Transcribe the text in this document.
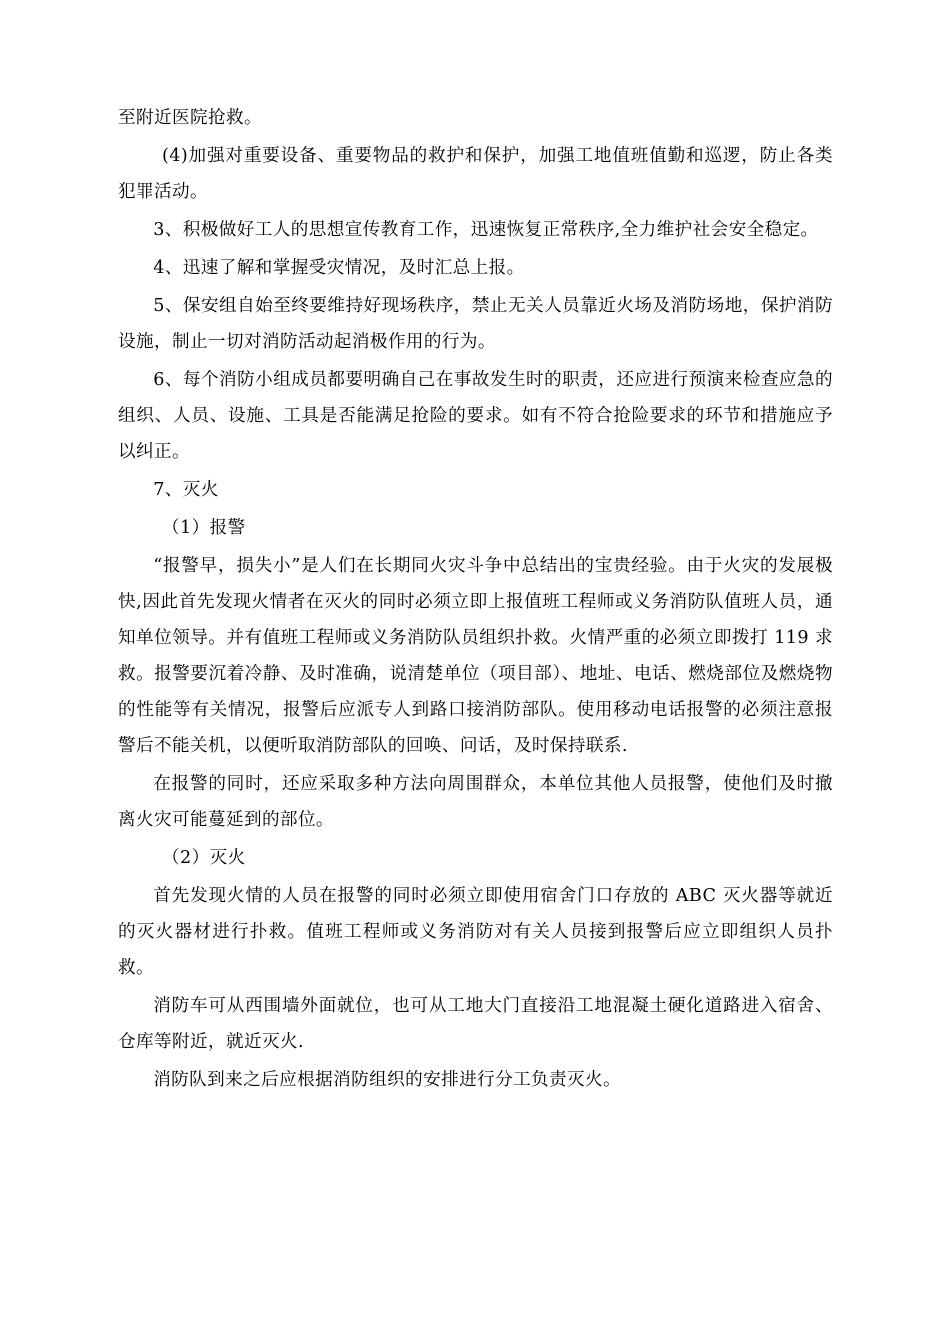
至附近医院抢救。

(4)加强对重要设备、重要物品的救护和保护，加强工地值班值勤和巡逻，防止各类犯罪活动。

3、积极做好工人的思想宣传教育工作，迅速恢复正常秩序,全力维护社会安全稳定。

4、迅速了解和掌握受灾情况，及时汇总上报。

5、保安组自始至终要维持好现场秩序，禁止无关人员靠近火场及消防场地，保护消防设施，制止一切对消防活动起消极作用的行为。

6、每个消防小组成员都要明确自己在事故发生时的职责，还应进行预演来检查应急的组织、人员、设施、工具是否能满足抢险的要求。如有不符合抢险要求的环节和措施应予以纠正。

7、灭火

（1）报警

“报警早，损失小”是人们在长期同火灾斗争中总结出的宝贵经验。由于火灾的发展极快,因此首先发现火情者在灭火的同时必须立即上报值班工程师或义务消防队值班人员，通知单位领导。并有值班工程师或义务消防队员组织扑救。火情严重的必须立即拨打 119 求救。报警要沉着冷静、及时准确，说清楚单位（项目部）、地址、电话、燃烧部位及燃烧物的性能等有关情况，报警后应派专人到路口接消防部队。使用移动电话报警的必须注意报警后不能关机，以便听取消防部队的回唤、问话，及时保持联系.

在报警的同时，还应采取多种方法向周围群众，本单位其他人员报警，使他们及时撤离火灾可能蔓延到的部位。

（2）灭火

首先发现火情的人员在报警的同时必须立即使用宿舍门口存放的 ABC 灭火器等就近的灭火器材进行扑救。值班工程师或义务消防对有关人员接到报警后应立即组织人员扑救。

消防车可从西围墙外面就位，也可从工地大门直接沿工地混凝土硬化道路进入宿舍、仓库等附近，就近灭火.

消防队到来之后应根据消防组织的安排进行分工负责灭火。
